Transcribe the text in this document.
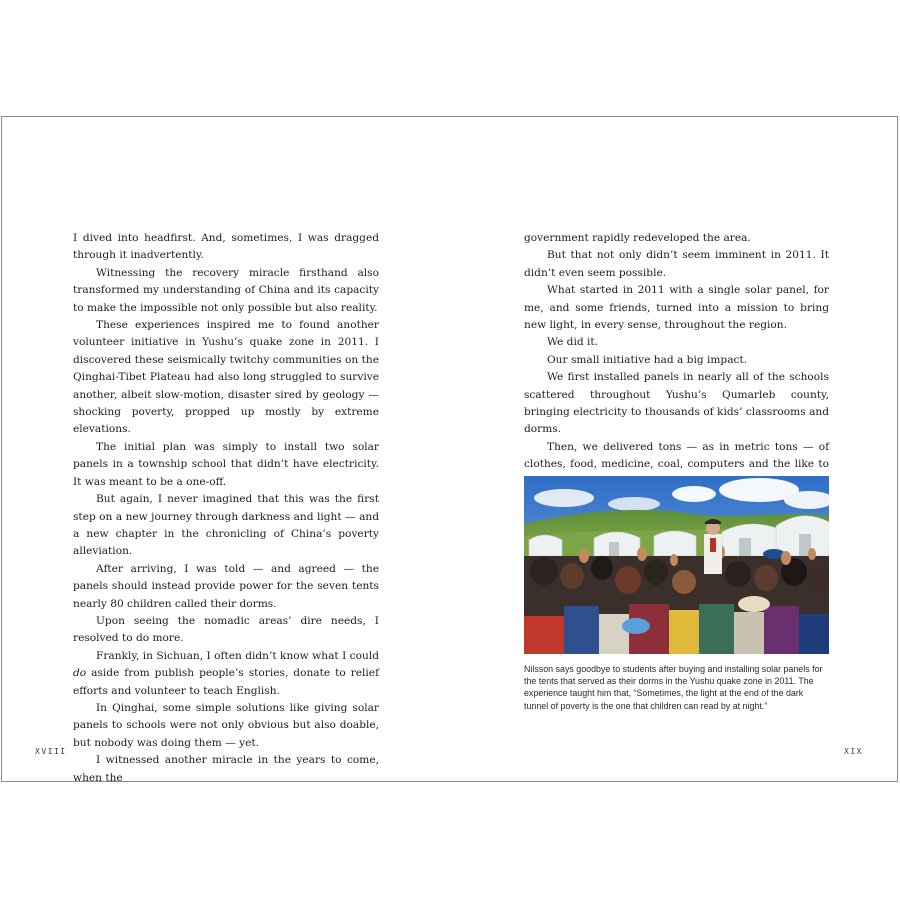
I dived into headfirst. And, sometimes, I was dragged through it inadvertently.

Witnessing the recovery miracle firsthand also transformed my understanding of China and its capacity to make the impossible not only possible but also reality.

These experiences inspired me to found another volunteer initiative in Yushu’s quake zone in 2011. I discovered these seismically twitchy communities on the Qinghai-Tibet Plateau had also long struggled to survive another, albeit slow-motion, disaster sired by geology — shocking poverty, propped up mostly by extreme elevations.

The initial plan was simply to install two solar panels in a township school that didn’t have electricity. It was meant to be a one-off.

But again, I never imagined that this was the first step on a new journey through darkness and light — and a new chapter in the chronicling of China’s poverty alleviation.

After arriving, I was told — and agreed — the panels should instead provide power for the seven tents nearly 80 children called their dorms.

Upon seeing the nomadic areas’ dire needs, I resolved to do more.

Frankly, in Sichuan, I often didn’t know what I could do aside from publish people’s stories, donate to relief efforts and volunteer to teach English.

In Qinghai, some simple solutions like giving solar panels to schools were not only obvious but also doable, but nobody was doing them — yet.

I witnessed another miracle in the years to come, when the

XVIII

government rapidly redeveloped the area.

But that not only didn’t seem imminent in 2011. It didn’t even seem possible.

What started in 2011 with a single solar panel, for me, and some friends, turned into a mission to bring new light, in every sense, throughout the region.

We did it.

Our small initiative had a big impact.

We first installed panels in nearly all of the schools scattered throughout Yushu’s Qumarleb county, bringing electricity to thousands of kids’ classrooms and dorms.

Then, we delivered tons — as in metric tons — of clothes, food, medicine, coal, computers and the like to

Nilsson says goodbye to students after buying and installing solar panels for the tents that served as their dorms in the Yushu quake zone in 2011. The experience taught him that, “Sometimes, the light at the end of the dark tunnel of poverty is the one that children can read by at night.”
XIX
